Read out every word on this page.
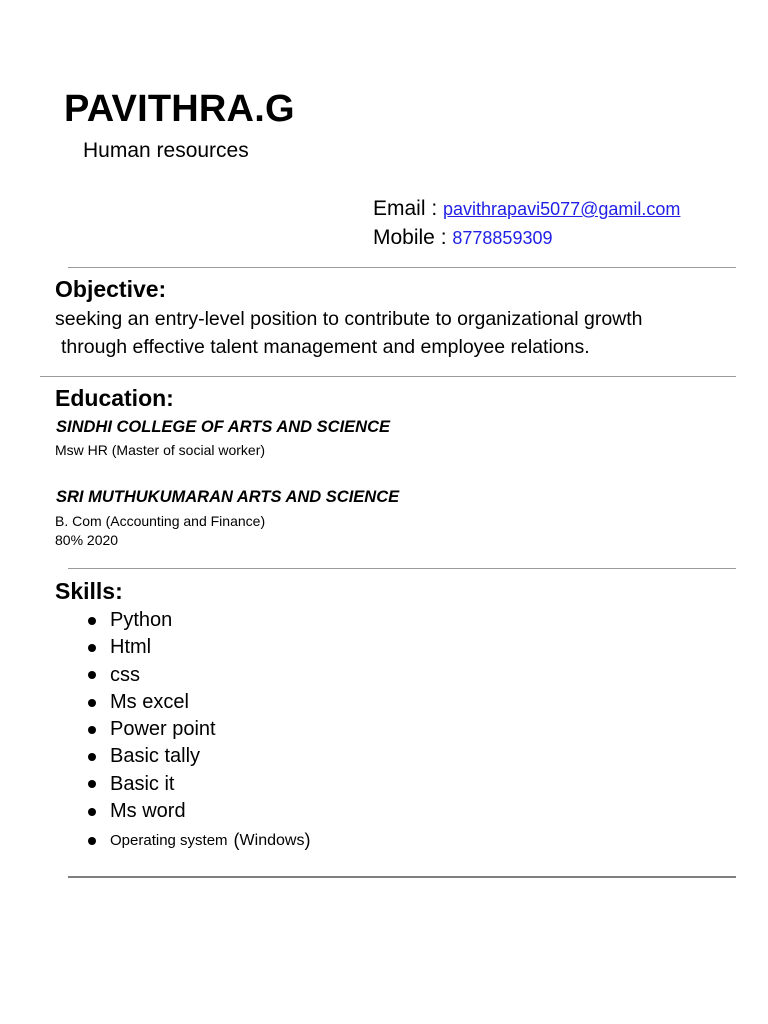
PAVITHRA.G
Human resources
Email : pavithrapavi5077@gamil.com
Mobile : 8778859309
Objective:
seeking an entry-level position to contribute to organizational growth
through effective talent management and employee relations.
Education:
SINDHI COLLEGE OF ARTS AND SCIENCE
Msw HR (Master of social worker)
SRI MUTHUKUMARAN ARTS AND SCIENCE
B. Com (Accounting and Finance)
80% 2020
Skills:
Python
Html
css
Ms excel
Power point
Basic tally
Basic it
Ms word
Operating system ( Windows )
